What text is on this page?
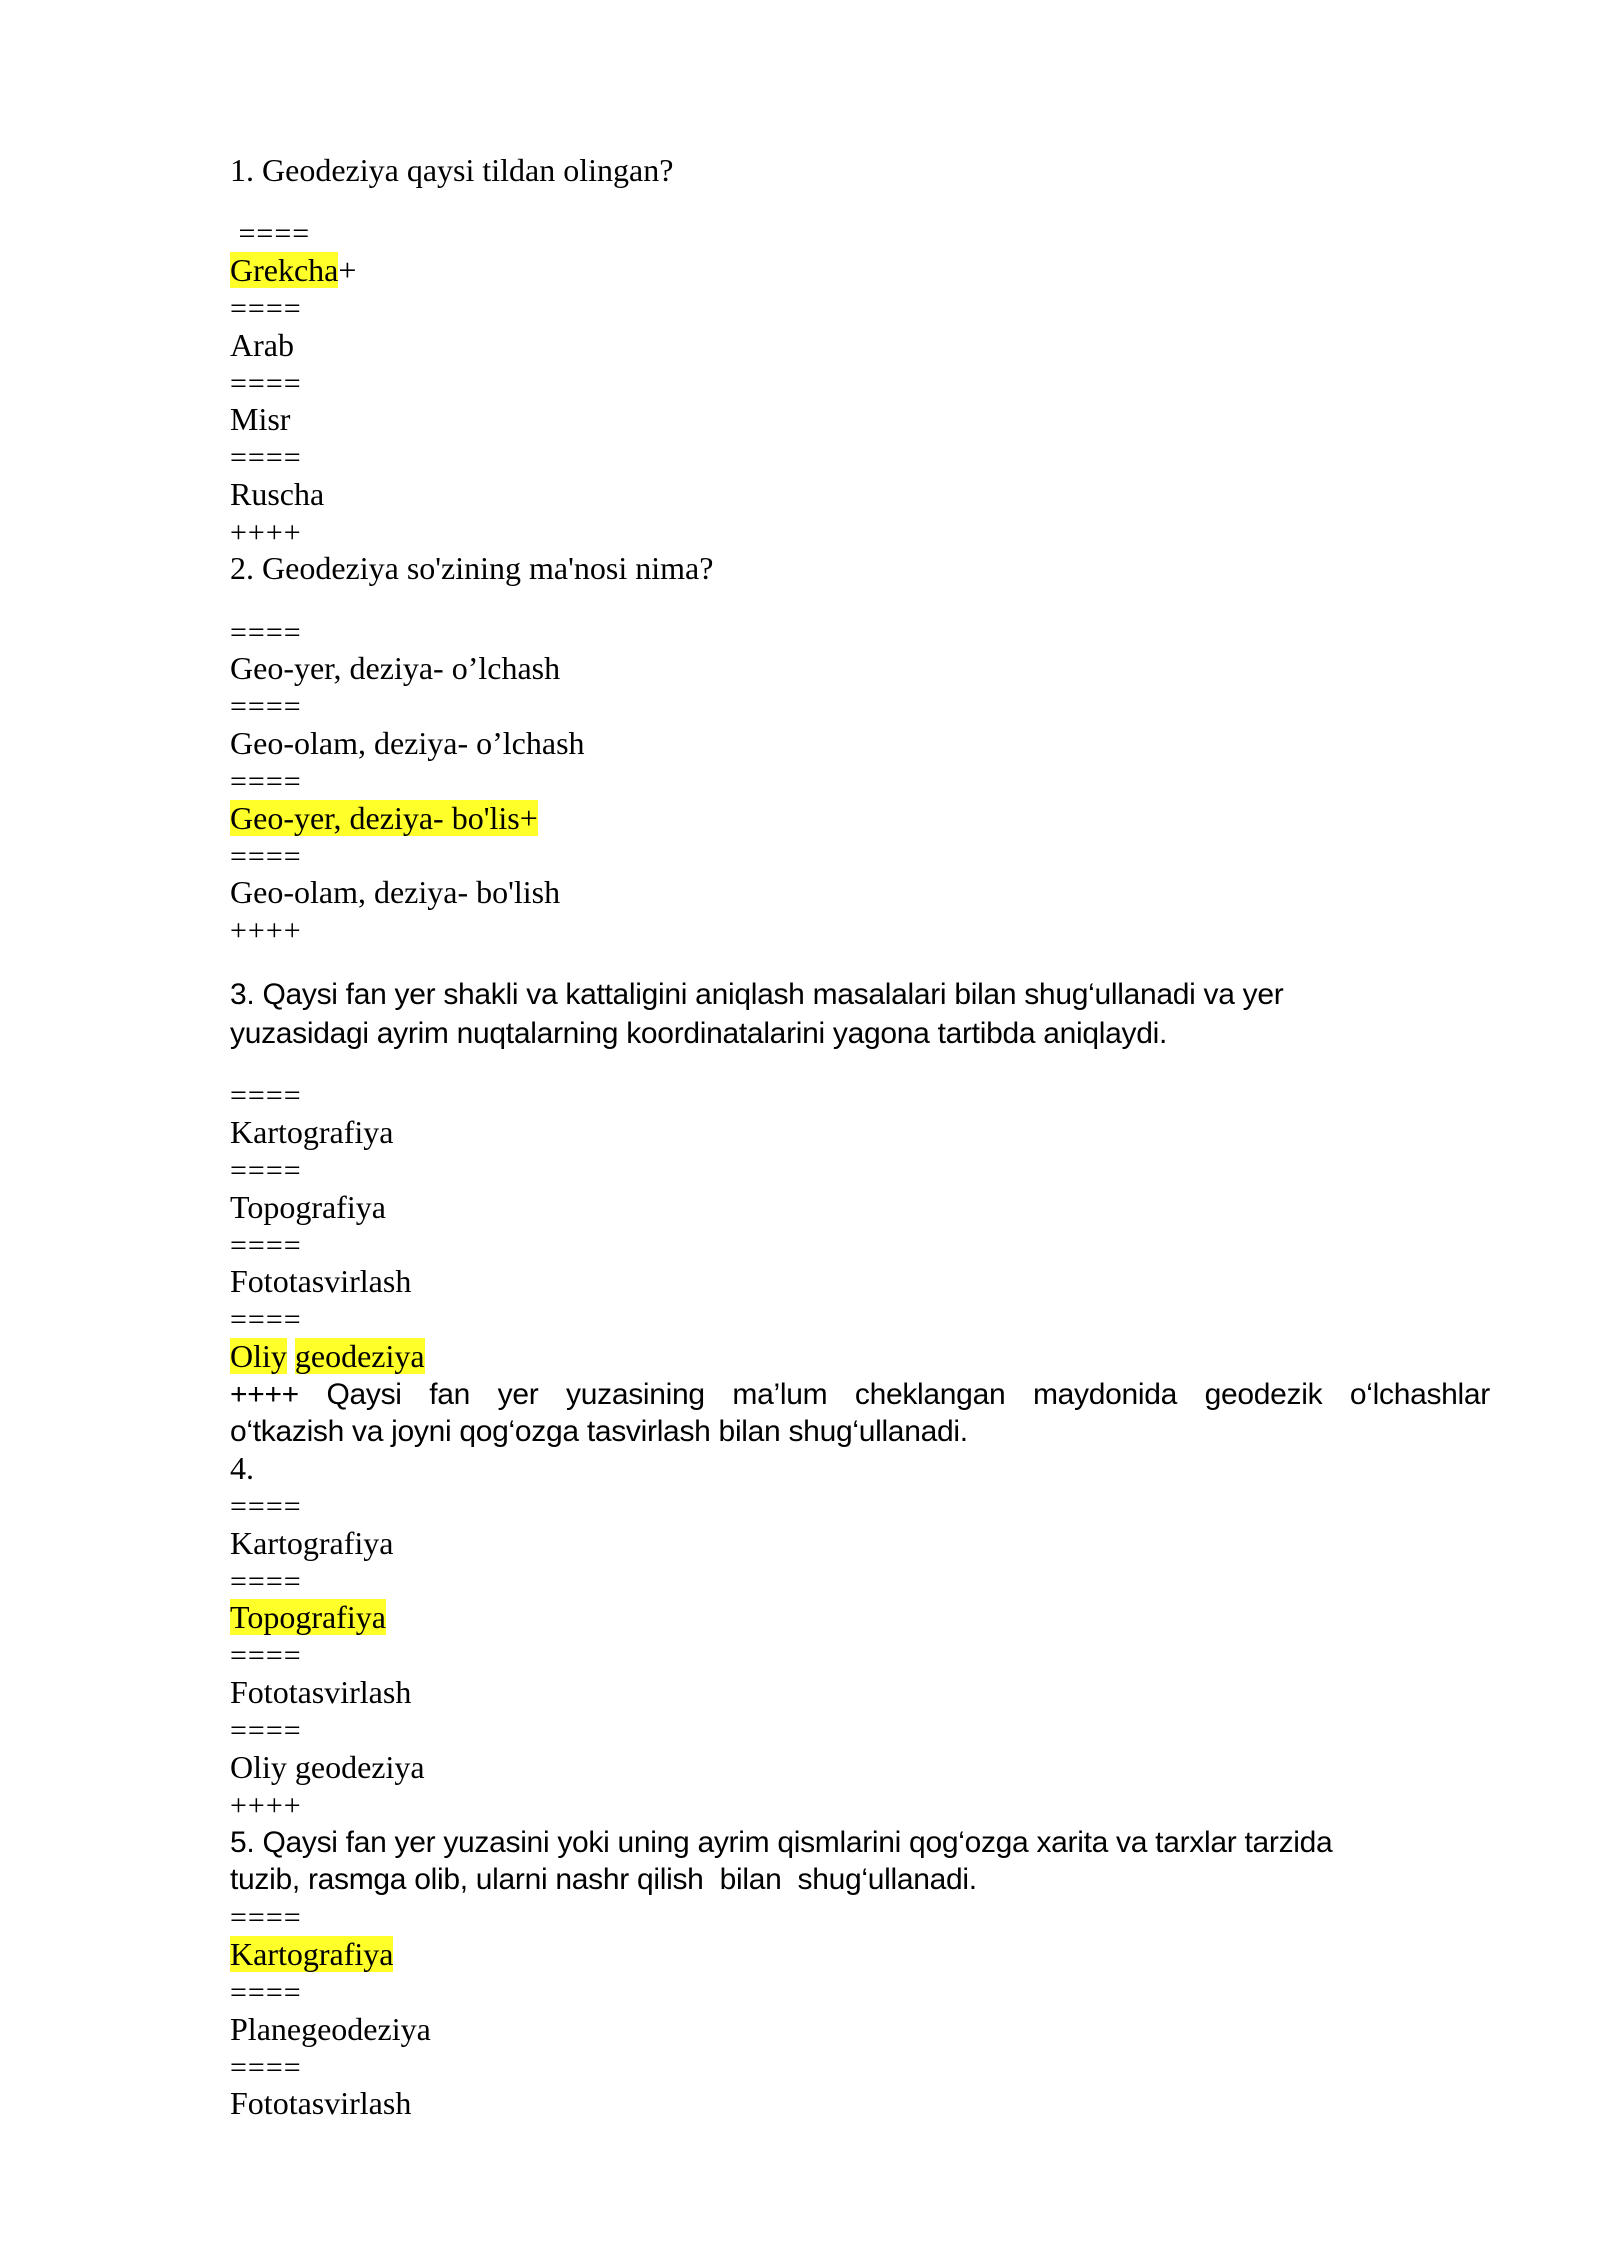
1. Geodeziya qaysi tildan olingan?

====

Grekcha+

====

Arab

====

Misr

====

Ruscha

++++

2. Geodeziya so'zining ma'nosi nima?

====

Geo-yer, deziya- o’lchash

====

Geo-olam, deziya- o’lchash

====

Geo-yer, deziya- bo'lis+

====

Geo-olam, deziya- bo'lish

++++

3. Qaysi fan yer shakli va kattaligini aniqlash masalalari bilan shug‘ullanadi va yer

yuzasidagi ayrim nuqtalarning koordinatalarini yagona tartibda aniqlaydi.

====

Kartografiya

====

Topografiya

====

Fototasvirlash

====

Oliy geodeziya

++++ Qaysi fan yer yuzasining ma’lum cheklangan maydonida geodezik o‘lchashlar

o‘tkazish va joyni qog‘ozga tasvirlash bilan shug‘ullanadi.

4.

====

Kartografiya

====

Topografiya

====

Fototasvirlash

====

Oliy geodeziya

++++

5. Qaysi fan yer yuzasini yoki uning ayrim qismlarini qog‘ozga xarita va tarxlar tarzida

tuzib, rasmga olib, ularni nashr qilish  bilan  shug‘ullanadi.

====

Kartografiya

====

Planegeodeziya

====

Fototasvirlash
